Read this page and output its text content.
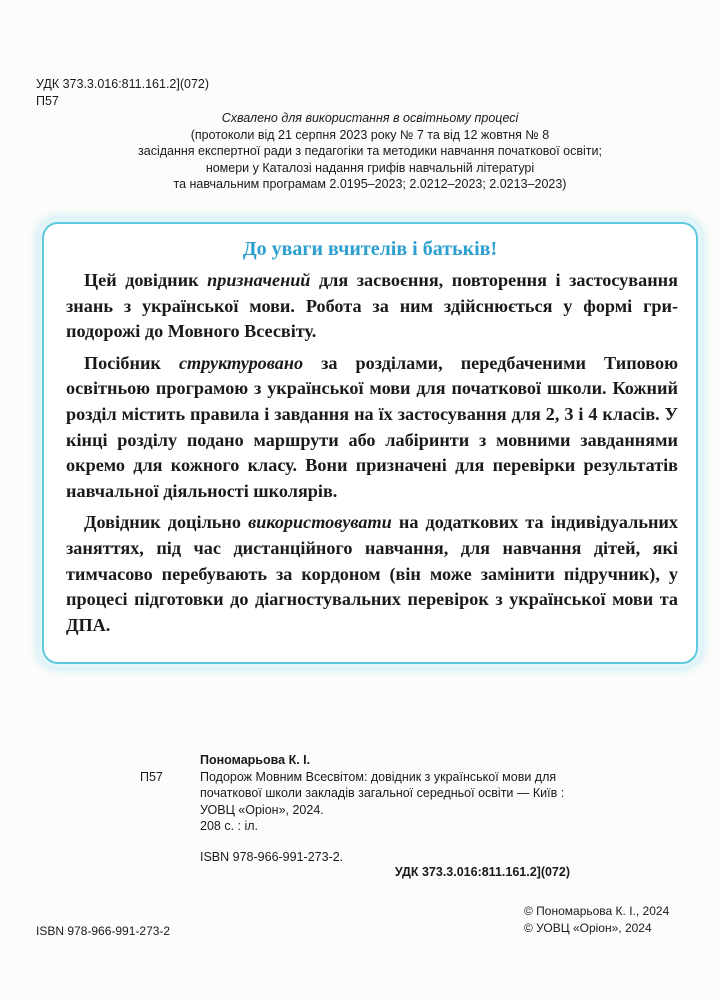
УДК 373.3.016:811.161.2](072)
П57
Схвалено для використання в освітньому процесі
(протоколи від 21 серпня 2023 року № 7 та від 12 жовтня № 8
засідання експертної ради з педагогіки та методики навчання початкової освіти;
номери у Каталозі надання грифів навчальній літературі
та навчальним програмам 2.0195–2023; 2.0212–2023; 2.0213–2023)
До уваги вчителів і батьків!

Цей довідник призначений для засвоєння, повторення і застосування знань з української мови. Робота за ним здійснюється у формі гри-подорожі до Мовного Всесвіту.

Посібник структуровано за розділами, передбаченими Типовою освітньою програмою з української мови для початкової школи. Кожний розділ містить правила і завдання на їх застосування для 2, 3 і 4 класів. У кінці розділу подано маршрути або лабіринти з мовними завданнями окремо для кожного класу. Вони призначені для перевірки результатів навчальної діяльності школярів.

Довідник доцільно використовувати на додаткових та індивідуальних заняттях, під час дистанційного навчання, для навчання дітей, які тимчасово перебувають за кордоном (він може замінити підручник), у процесі підготовки до діагностувальних перевірок з української мови та ДПА.

Пономарьова К. І.
П57	Подорож Мовним Всесвітом: довідник з української мови для початкової школи закладів загальної середньої освіти — Київ : УОВЦ «Оріон», 2024.
208 с. : іл.
ISBN 978-966-991-273-2.
УДК 373.3.016:811.161.2](072)
ISBN 978-966-991-273-2
© Пономарьова К. І., 2024
© УОВЦ «Оріон», 2024
